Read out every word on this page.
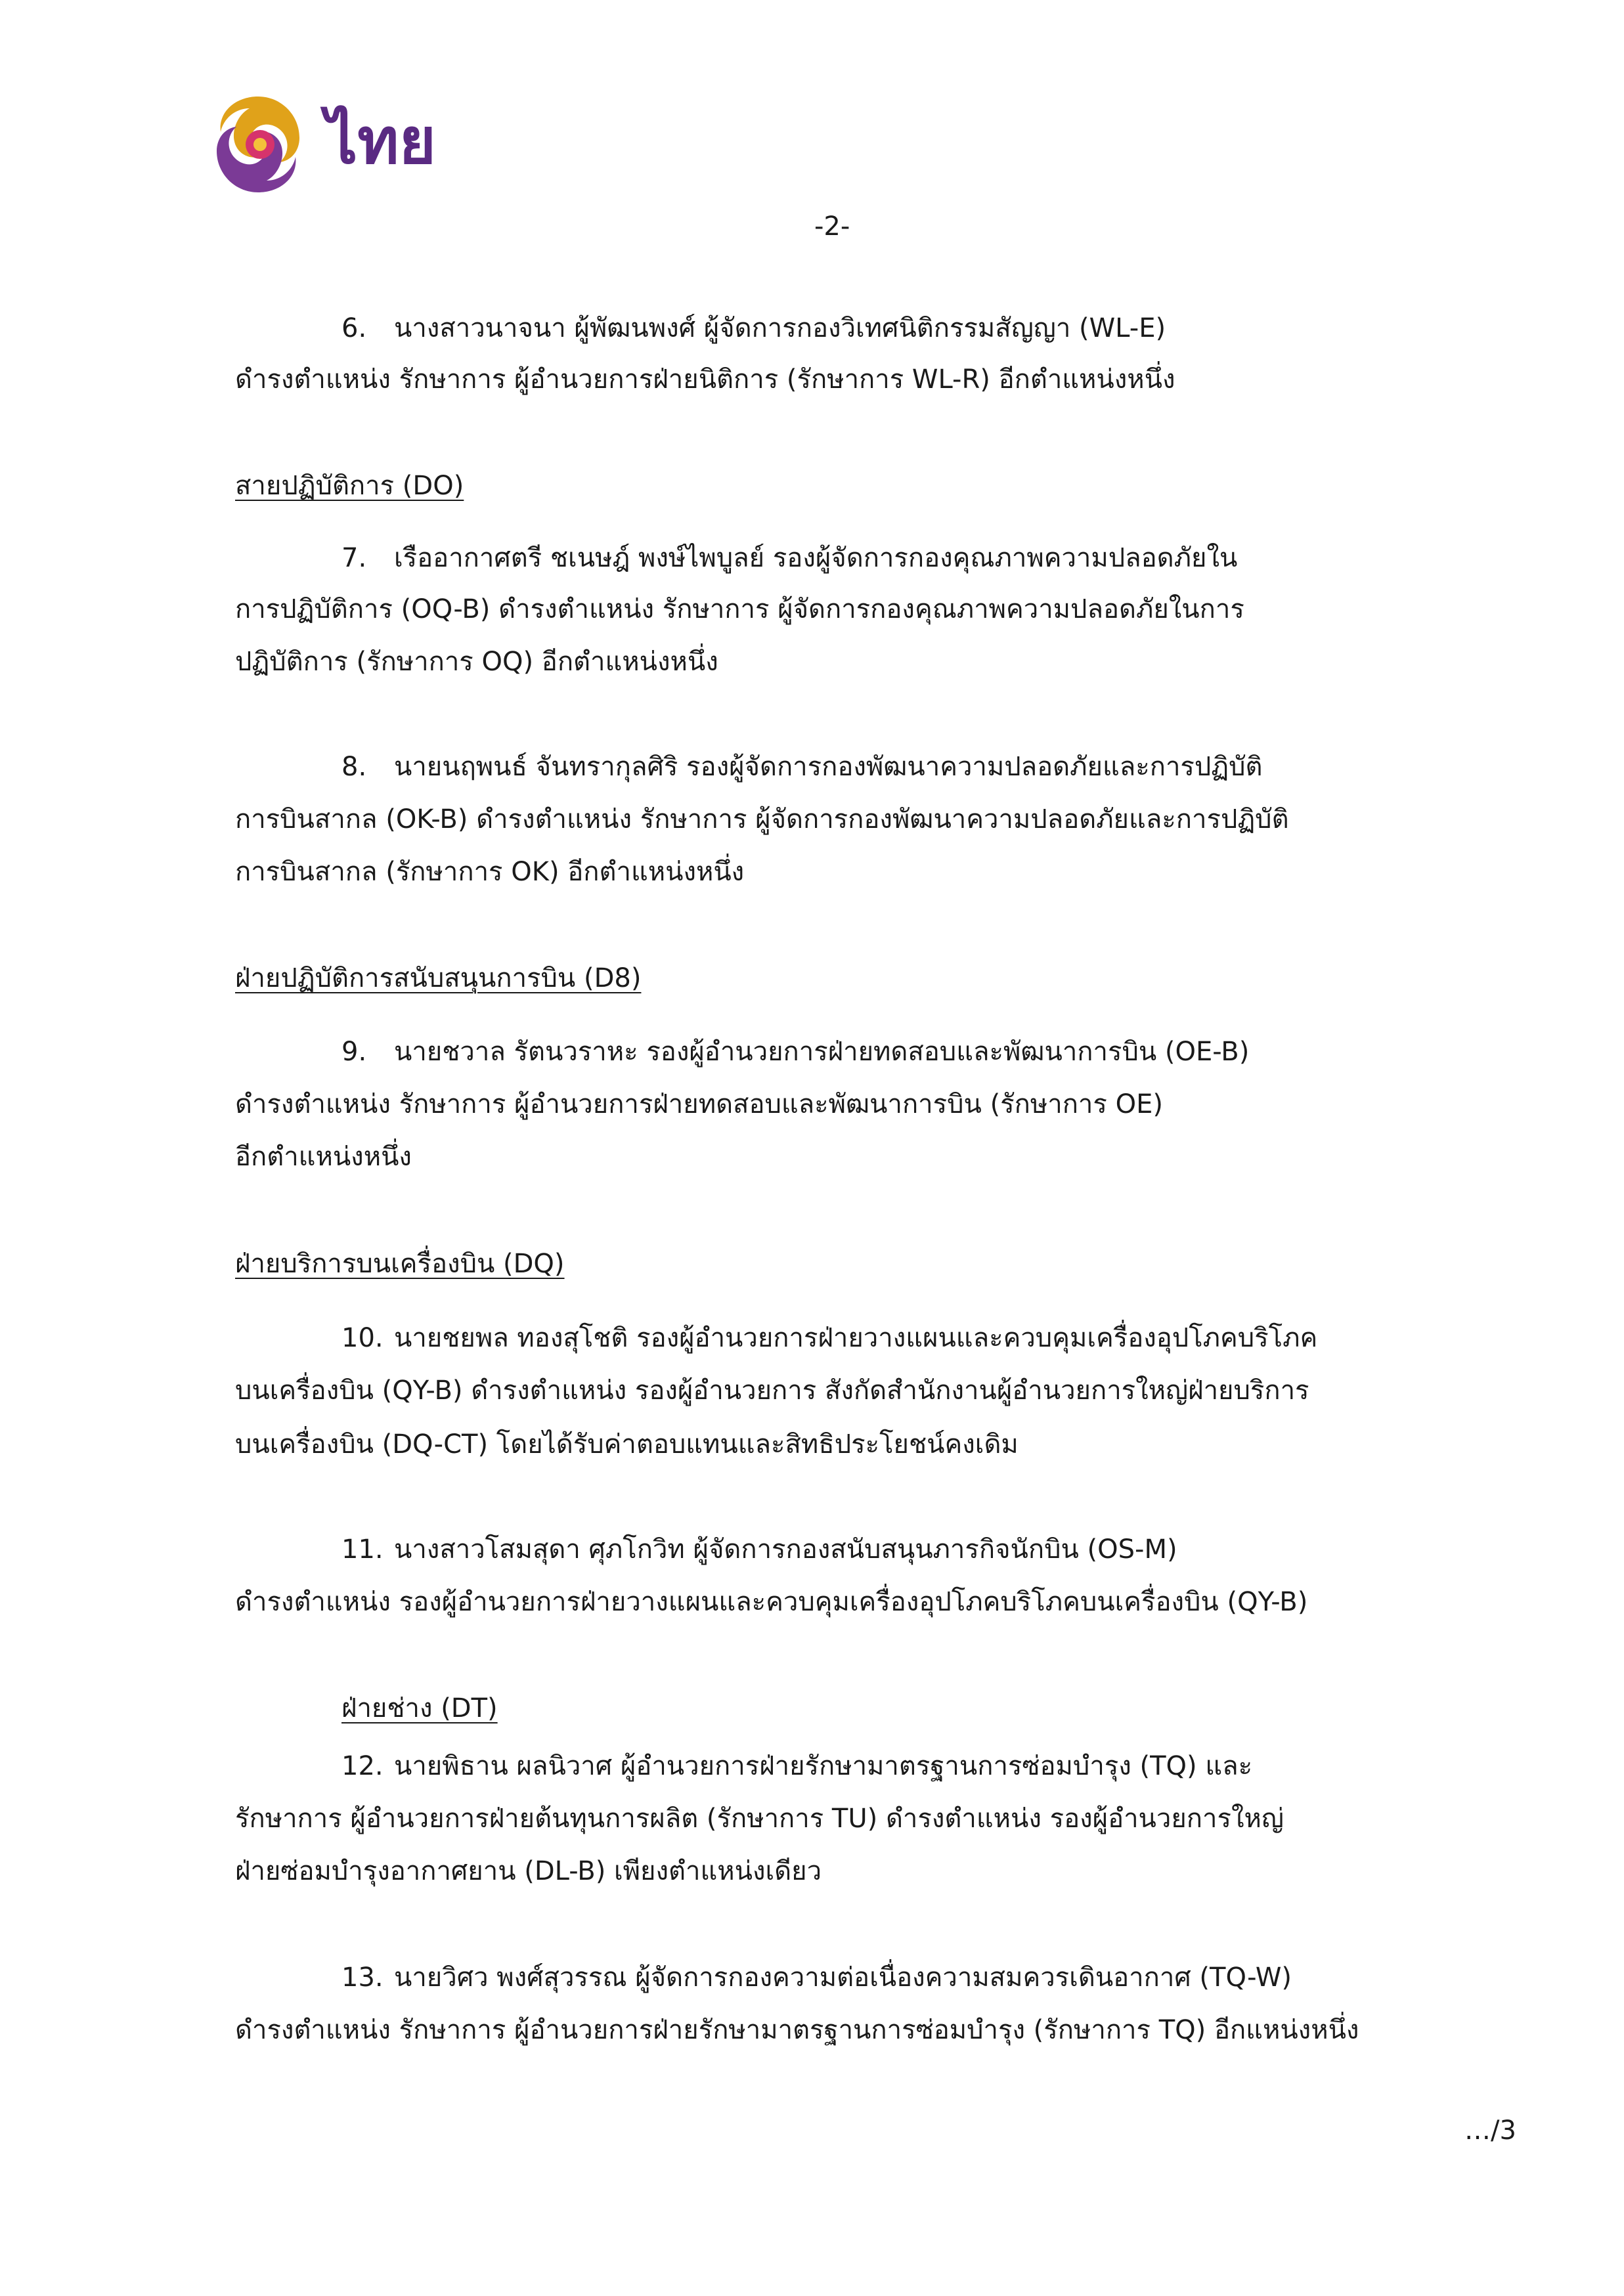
ไทย
-2-
6. นางสาวนาจนา ผู้พัฒนพงศ์ ผู้จัดการกองวิเทศนิติกรรมสัญญา (WL-E)
ดำรงตำแหน่ง รักษาการ ผู้อำนวยการฝ่ายนิติการ (รักษาการ WL-R) อีกตำแหน่งหนึ่ง
สายปฏิบัติการ (DO)
7. เรืออากาศตรี ชเนษฎ์ พงษ์ไพบูลย์ รองผู้จัดการกองคุณภาพความปลอดภัยใน
การปฏิบัติการ (OQ-B) ดำรงตำแหน่ง รักษาการ ผู้จัดการกองคุณภาพความปลอดภัยในการ
ปฏิบัติการ (รักษาการ OQ) อีกตำแหน่งหนึ่ง
8. นายนฤพนธ์ จันทรากุลศิริ รองผู้จัดการกองพัฒนาความปลอดภัยและการปฏิบัติ
การบินสากล (OK-B) ดำรงตำแหน่ง รักษาการ ผู้จัดการกองพัฒนาความปลอดภัยและการปฏิบัติ
การบินสากล (รักษาการ OK) อีกตำแหน่งหนึ่ง
ฝ่ายปฏิบัติการสนับสนุนการบิน (D8)
9. นายชวาล รัตนวราหะ รองผู้อำนวยการฝ่ายทดสอบและพัฒนาการบิน (OE-B)
ดำรงตำแหน่ง รักษาการ ผู้อำนวยการฝ่ายทดสอบและพัฒนาการบิน (รักษาการ OE)
อีกตำแหน่งหนึ่ง
ฝ่ายบริการบนเครื่องบิน (DQ)
10. นายชยพล ทองสุโชติ รองผู้อำนวยการฝ่ายวางแผนและควบคุมเครื่องอุปโภคบริโภค
บนเครื่องบิน (QY-B) ดำรงตำแหน่ง รองผู้อำนวยการ สังกัดสำนักงานผู้อำนวยการใหญ่ฝ่ายบริการ
บนเครื่องบิน (DQ-CT) โดยได้รับค่าตอบแทนและสิทธิประโยชน์คงเดิม
11. นางสาวโสมสุดา ศุภโกวิท ผู้จัดการกองสนับสนุนภารกิจนักบิน (OS-M)
ดำรงตำแหน่ง รองผู้อำนวยการฝ่ายวางแผนและควบคุมเครื่องอุปโภคบริโภคบนเครื่องบิน (QY-B)
ฝ่ายช่าง (DT)
12. นายพิธาน ผลนิวาศ ผู้อำนวยการฝ่ายรักษามาตรฐานการซ่อมบำรุง (TQ) และ
รักษาการ ผู้อำนวยการฝ่ายต้นทุนการผลิต (รักษาการ TU) ดำรงตำแหน่ง รองผู้อำนวยการใหญ่
ฝ่ายซ่อมบำรุงอากาศยาน (DL-B) เพียงตำแหน่งเดียว
13. นายวิศว พงศ์สุวรรณ ผู้จัดการกองความต่อเนื่องความสมควรเดินอากาศ (TQ-W)
ดำรงตำแหน่ง รักษาการ ผู้อำนวยการฝ่ายรักษามาตรฐานการซ่อมบำรุง (รักษาการ TQ) อีกแหน่งหนึ่ง
…/3
